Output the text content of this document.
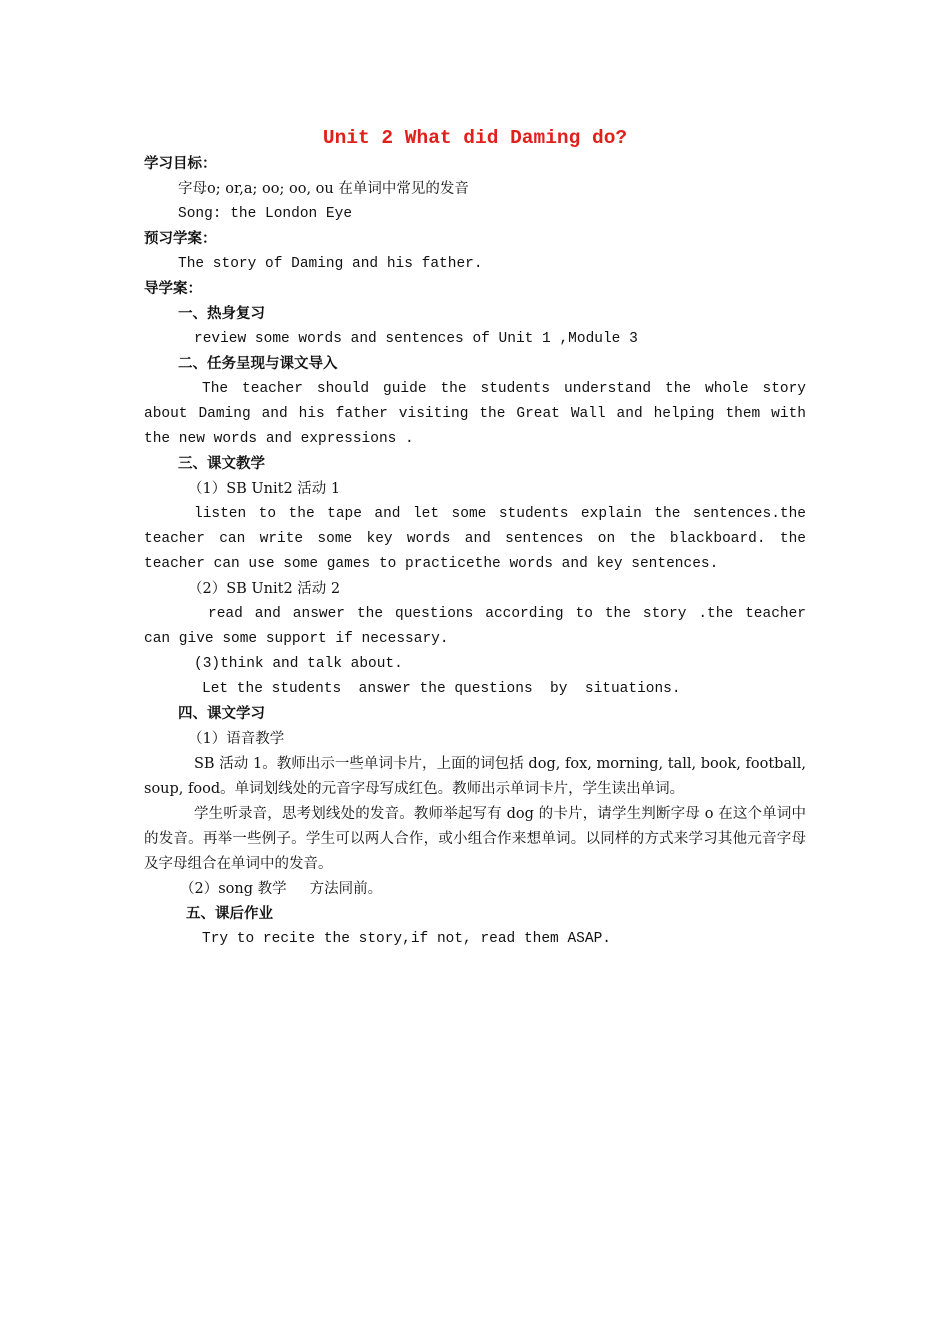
Unit 2 What did Daming do?
学习目标：
字母o; or,a; oo; oo, ou 在单词中常见的发音
Song: the London Eye
预习学案：
The story of Daming and his father.
导学案：
一、热身复习
review some words and sentences of Unit 1 ,Module 3
二、任务呈现与课文导入
The teacher should guide the students understand the whole story about Daming and his father visiting the Great Wall and helping them with the new words and expressions .
三、课文教学
（1）SB Unit2 活动 1
listen to the tape and let some students explain the sentences.the teacher can write some key words and sentences on the blackboard. the teacher can use some games to practicethe words and key sentences.
（2）SB Unit2 活动 2
read and answer the questions according to the story .the teacher can give some support if necessary.
(3)think and talk about.
Let the students  answer the questions  by  situations.
四、课文学习
（1）语音教学
SB 活动 1。教师出示一些单词卡片，上面的词包括 dog, fox, morning, tall, book, football, soup, food。单词划线处的元音字母写成红色。教师出示单词卡片，学生读出单词。
学生听录音，思考划线处的发音。教师举起写有 dog 的卡片，请学生判断字母 o 在这个单词中的发音。再举一些例子。学生可以两人合作，或小组合作来想单词。以同样的方式来学习其他元音字母及字母组合在单词中的发音。
（2）song 教学     方法同前。
五、课后作业
Try to recite the story,if not, read them ASAP.
